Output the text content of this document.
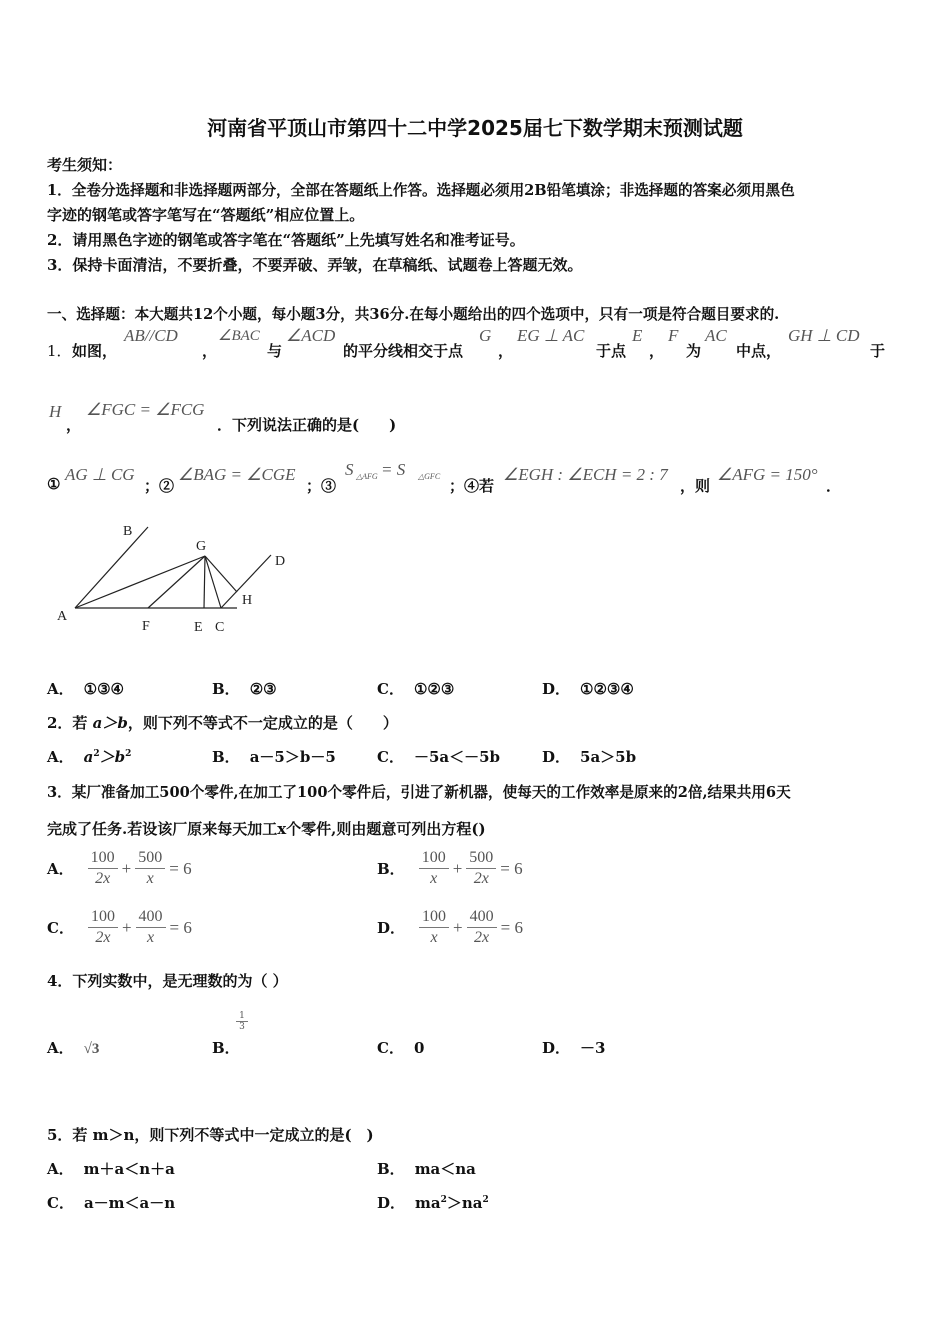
河南省平顶山市第四十二中学2025届七下数学期末预测试题
考生须知：
1．全卷分选择题和非选择题两部分，全部在答题纸上作答。选择题必须用2B铅笔填涂；非选择题的答案必须用黑色
字迹的钢笔或答字笔写在“答题纸”相应位置上。
2．请用黑色字迹的钢笔或答字笔在“答题纸”上先填写姓名和准考证号。
3．保持卡面清洁，不要折叠，不要弄破、弄皱，在草稿纸、试题卷上答题无效。
一、选择题：本大题共12个小题，每小题3分，共36分.在每小题给出的四个选项中，只有一项是符合题目要求的.
1． 如图，
AB//CD
，
∠BAC
与
∠ACD
的平分线相交于点
G
，
EG ⊥ AC
于点
E
，
F
为
AC
中点，
GH ⊥ CD
于
H
，
∠FGC = ∠FCG
．下列说法正确的是(　　)
① AG ⊥ CG
；②
∠BAG = ∠CGE
；③
S △AFG = S △GFC
；④若
∠EGH : ∠ECH = 2 : 7
，则
∠AFG = 150°
．
B
G
D
H
A
F	E C
A． ①③④	B． ②③	C． ①②③	D． ①②③④
2．若 a＞b，则下列不等式不一定成立的是（　　）
A． $a^2>b^2$	B． a－5＞b－5	C． －5a＜－5b	D． 5a＞5b
3．某厂准备加工500个零件,在加工了100个零件后，引进了新机器，使每天的工作效率是原来的2倍,结果共用6天
完成了任务.若设该厂原来每天加工x个零件,则由题意可列出方程()
A． $\frac{100}{2x} + \frac{500}{x} = 6$	B． $\frac{100}{x} + \frac{500}{2x} = 6$
C． $\frac{100}{2x} + \frac{400}{x} = 6$	D． $\frac{100}{x} + \frac{400}{2x} = 6$
4．下列实数中，是无理数的为（ ）
A． √3	B．
1
3
C． 0	D． －3
5．若 m＞n，则下列不等式中一定成立的是(　)
A． m＋a＜n＋a	B． ma＜na
C． a－m＜a－n	D． $ma^2>na^2$
